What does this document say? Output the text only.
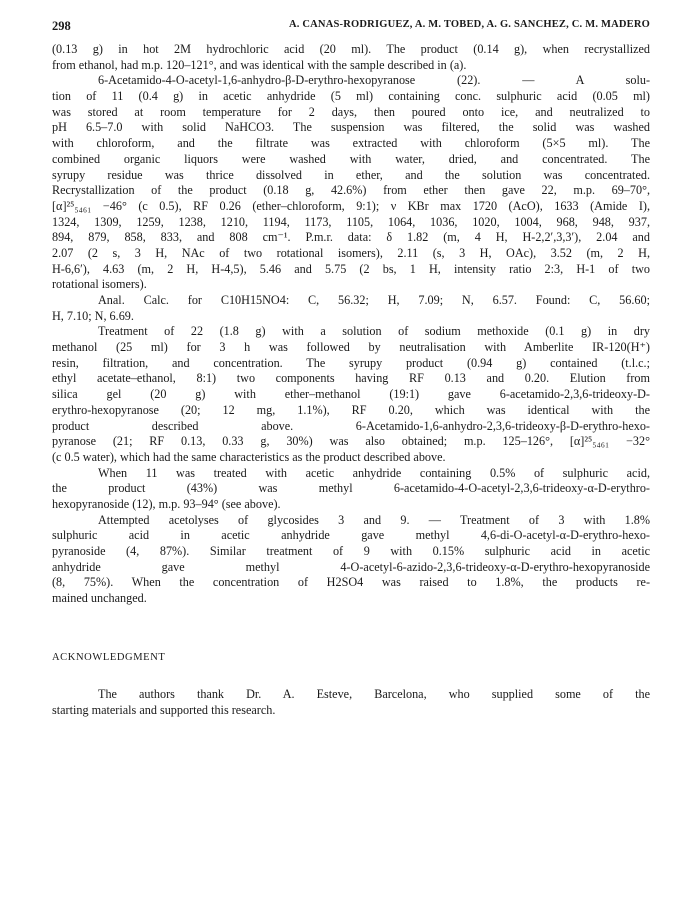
298	A. CANAS-RODRIGUEZ, A. M. TOBED, A. G. SANCHEZ, C. M. MADERO
(0.13 g) in hot 2M hydrochloric acid (20 ml). The product (0.14 g), when recrystallized
from ethanol, had m.p. 120–121°, and was identical with the sample described in (a).
6-Acetamido-4-O-acetyl-1,6-anhydro-β-D-erythro-hexopyranose (22). — A solu-
tion of 11 (0.4 g) in acetic anhydride (5 ml) containing conc. sulphuric acid (0.05 ml)
was stored at room temperature for 2 days, then poured onto ice, and neutralized to
pH 6.5–7.0 with solid NaHCO3. The suspension was filtered, the solid was washed
with chloroform, and the filtrate was extracted with chloroform (5×5 ml). The
combined organic liquors were washed with water, dried, and concentrated. The
syrupy residue was thrice dissolved in ether, and the solution was concentrated.
Recrystallization of the product (0.18 g, 42.6%) from ether then gave 22, m.p. 69–70°,
[α]²⁵₅₄₆₁ −46° (c 0.5), RF 0.26 (ether–chloroform, 9:1); ν KBr max 1720 (AcO), 1633 (Amide I),
1324, 1309, 1259, 1238, 1210, 1194, 1173, 1105, 1064, 1036, 1020, 1004, 968, 948, 937,
894, 879, 858, 833, and 808 cm⁻¹. P.m.r. data: δ 1.82 (m, 4 H, H-2,2′,3,3′), 2.04 and
2.07 (2 s, 3 H, NAc of two rotational isomers), 2.11 (s, 3 H, OAc), 3.52 (m, 2 H,
H-6,6′), 4.63 (m, 2 H, H-4,5), 5.46 and 5.75 (2 bs, 1 H, intensity ratio 2:3, H-1 of two
rotational isomers).
Anal. Calc. for C10H15NO4: C, 56.32; H, 7.09; N, 6.57. Found: C, 56.60;
H, 7.10; N, 6.69.
Treatment of 22 (1.8 g) with a solution of sodium methoxide (0.1 g) in dry
methanol (25 ml) for 3 h was followed by neutralisation with Amberlite IR-120(H⁺)
resin, filtration, and concentration. The syrupy product (0.94 g) contained (t.l.c.;
ethyl acetate–ethanol, 8:1) two components having RF 0.13 and 0.20. Elution from
silica gel (20 g) with ether–methanol (19:1) gave 6-acetamido-2,3,6-trideoxy-D-
erythro-hexopyranose (20; 12 mg, 1.1%), RF 0.20, which was identical with the
product described above. 6-Acetamido-1,6-anhydro-2,3,6-trideoxy-β-D-erythro-hexo-
pyranose (21; RF 0.13, 0.33 g, 30%) was also obtained; m.p. 125–126°, [α]²⁵₅₄₆₁ −32°
(c 0.5 water), which had the same characteristics as the product described above.
When 11 was treated with acetic anhydride containing 0.5% of sulphuric acid,
the product (43%) was methyl 6-acetamido-4-O-acetyl-2,3,6-trideoxy-α-D-erythro-
hexopyranoside (12), m.p. 93–94° (see above).
Attempted acetolyses of glycosides 3 and 9. — Treatment of 3 with 1.8%
sulphuric acid in acetic anhydride gave methyl 4,6-di-O-acetyl-α-D-erythro-hexo-
pyranoside (4, 87%). Similar treatment of 9 with 0.15% sulphuric acid in acetic
anhydride gave methyl 4-O-acetyl-6-azido-2,3,6-trideoxy-α-D-erythro-hexopyranoside
(8, 75%). When the concentration of H2SO4 was raised to 1.8%, the products re-
mained unchanged.
ACKNOWLEDGMENT
The authors thank Dr. A. Esteve, Barcelona, who supplied some of the
starting materials and supported this research.
